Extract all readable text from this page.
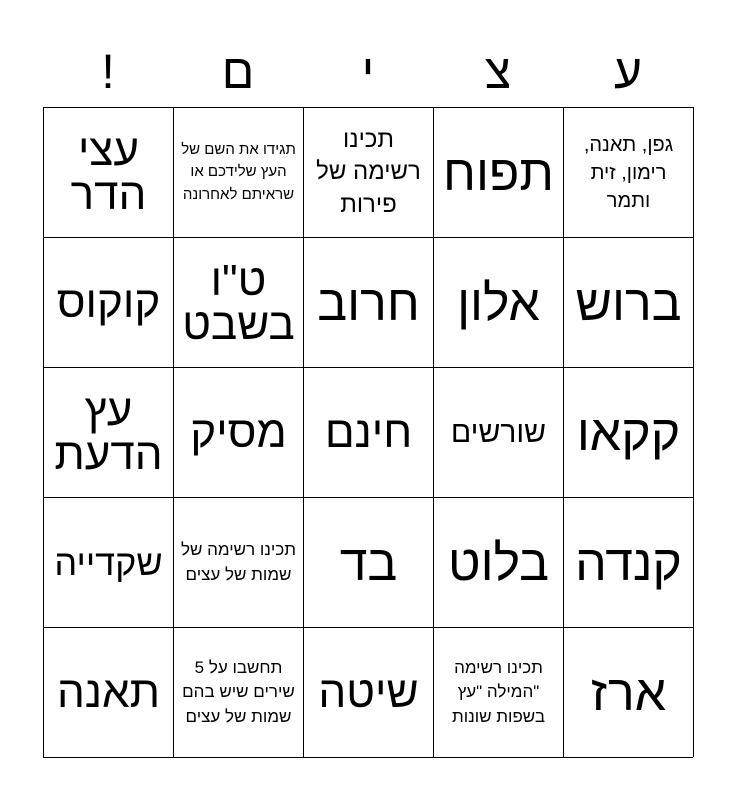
ע
צ
י
ם
!
גפן, תאנה, רימון, זית ותמר
תפוח
תכינו רשימה של פירות
תגידו את השם של העץ שלידכם או שראיתם לאחרונה
עצי הדר
ברוש
אלון
חרוב
ט"ו בשבט
קוקוס
קקאו
שורשים
חינם
מסיק
עץ הדעת
קנדה
בלוט
בד
תכינו רשימה של שמות של עצים
שקדייה
ארז
תכינו רשימה "המילה "עץ בשפות שונות
שיטה
תחשבו על 5 שירים שיש בהם שמות של עצים
תאנה
